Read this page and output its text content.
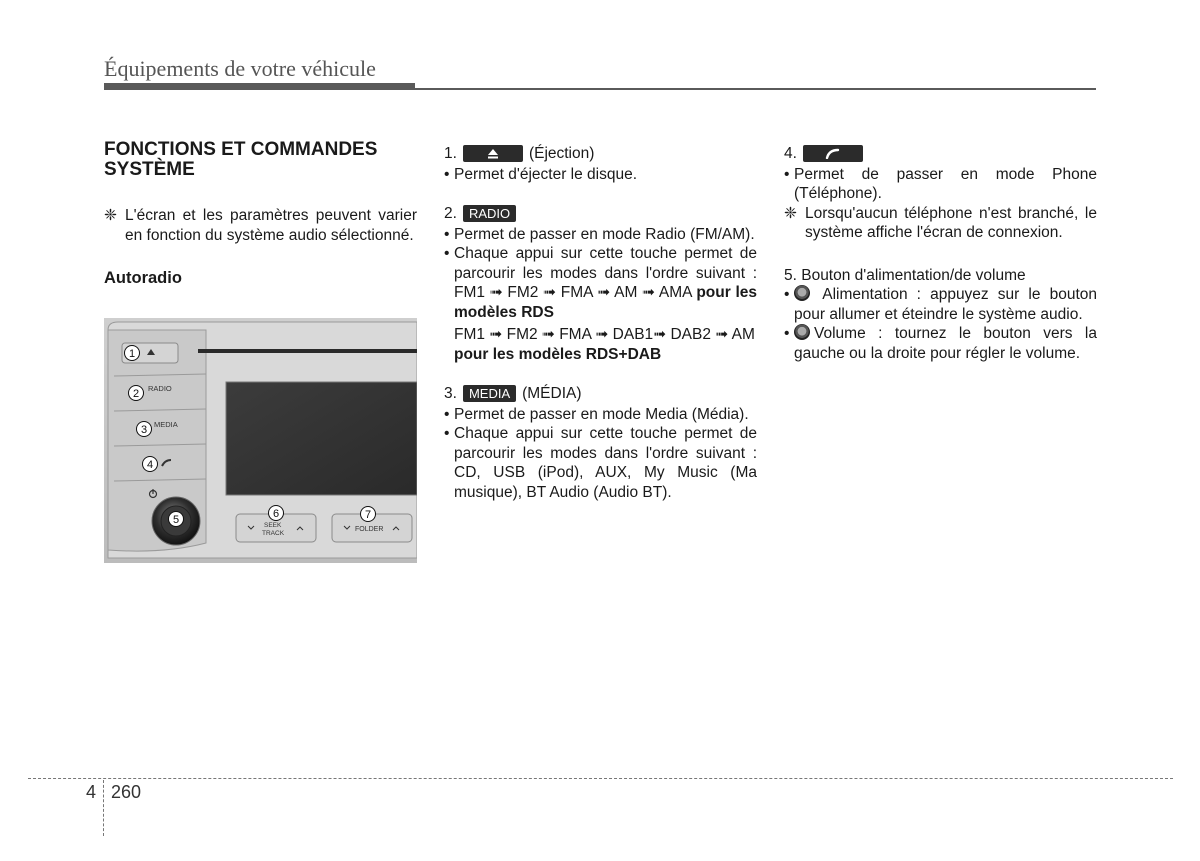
Équipements de votre véhicule
FONCTIONS ET COMMANDES
SYSTÈME
❈ L'écran et les paramètres peuvent varier en fonction du système audio sélectionné.
Autoradio
RADIO
MEDIA
SEEK
TRACK
FOLDER
1
2
3
4
5	6	7
1.	(Éjection)

• Permet d'éjecter le disque.

2. RADIO

• Permet de passer en mode Radio (FM/AM).

• Chaque appui sur cette touche permet de parcourir les modes dans l'ordre suivant : FM1 ➟ FM2 ➟ FMA ➟ AM ➟ AMA pour les modèles RDS

FM1 ➟ FM2 ➟ FMA ➟ DAB1➟ DAB2 ➟ AM pour les modèles RDS+DAB

3. MEDIA (MÉDIA)

• Permet de passer en mode Media (Média).

• Chaque appui sur cette touche permet de parcourir les modes dans l'ordre suivant : CD, USB (iPod), AUX, My Music (Ma musique), BT Audio (Audio BT).

4.

• Permet de passer en mode Phone (Téléphone).

❈ Lorsqu'aucun téléphone n'est branché, le système affiche l'écran de connexion.
5. Bouton d'alimentation/de volume

• Alimentation : appuyez sur le bouton pour allumer et éteindre le système audio.

• Volume : tournez le bouton vers la gauche ou la droite pour régler le volume.

4 260
